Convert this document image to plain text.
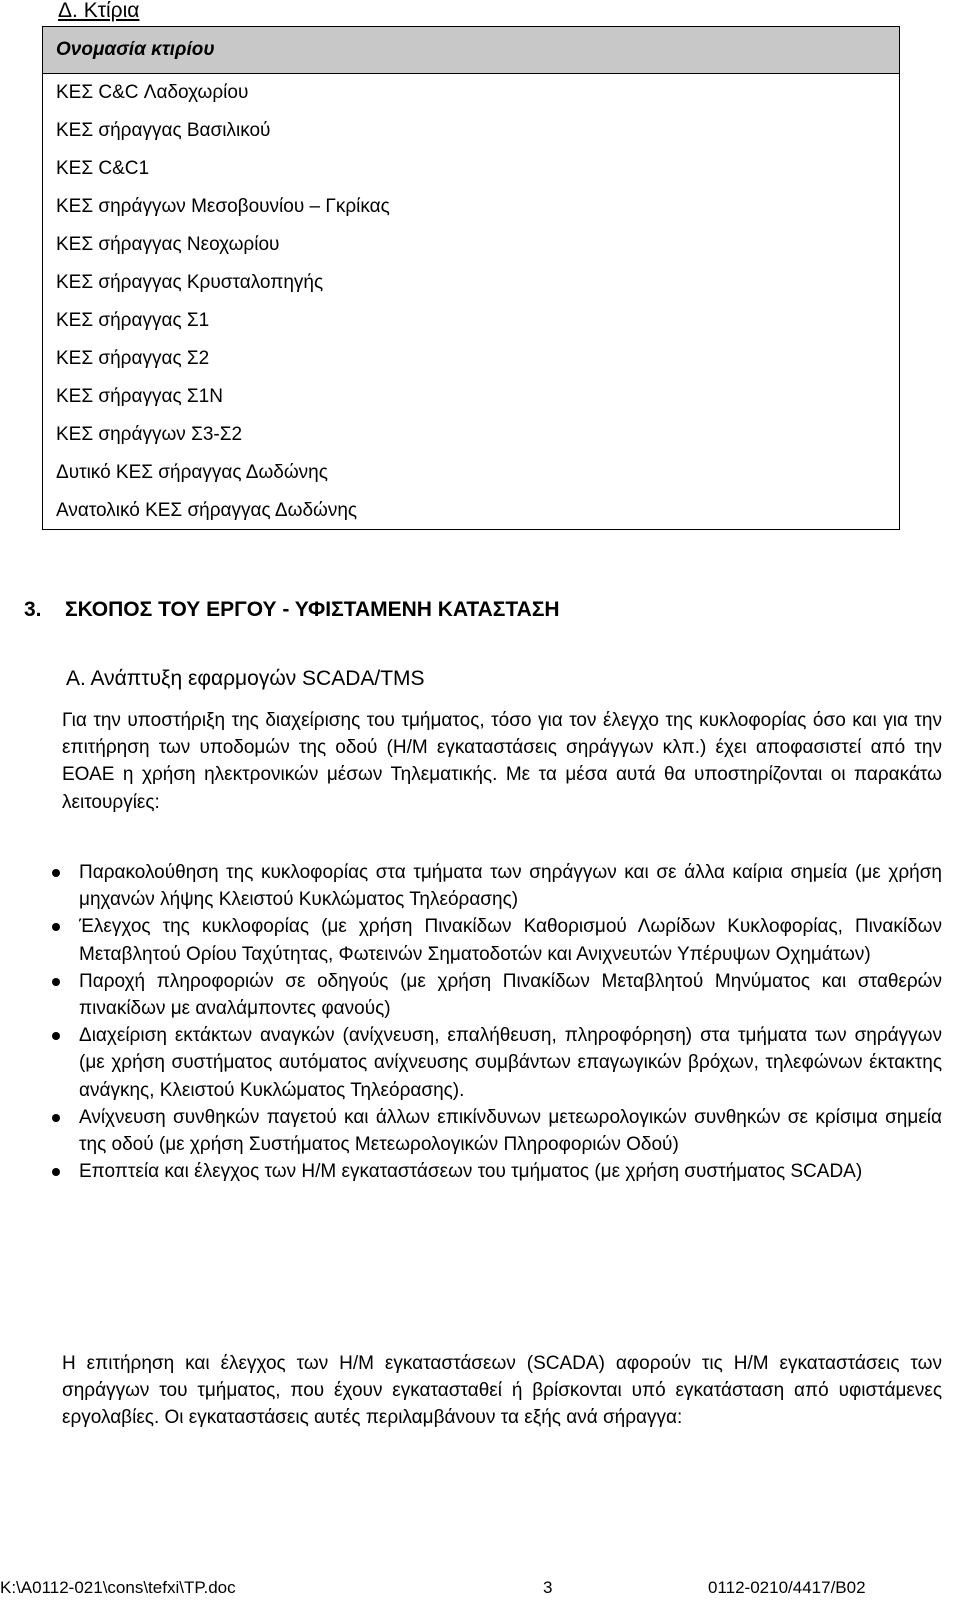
Δ. Κτίρια
Ονομασία κτιρίου
ΚΕΣ C&C Λαδοχωρίου
ΚΕΣ σήραγγας Βασιλικού
ΚΕΣ C&C1
ΚΕΣ σηράγγων Μεσοβουνίου – Γκρίκας
ΚΕΣ σήραγγας Νεοχωρίου
ΚΕΣ σήραγγας Κρυσταλοπηγής
ΚΕΣ σήραγγας Σ1
ΚΕΣ σήραγγας Σ2
ΚΕΣ σήραγγας Σ1Ν
ΚΕΣ σηράγγων Σ3-Σ2
Δυτικό ΚΕΣ σήραγγας Δωδώνης
Ανατολικό ΚΕΣ σήραγγας Δωδώνης
3. ΣΚΟΠΟΣ ΤΟΥ ΕΡΓΟΥ - ΥΦΙΣΤΑΜΕΝΗ ΚΑΤΑΣΤΑΣΗ
Α. Ανάπτυξη εφαρμογών SCADA/TMS

Για την υποστήριξη της διαχείρισης του τμήματος, τόσο για τον έλεγχο της κυκλοφορίας όσο και για την επιτήρηση των υποδομών της οδού (Η/Μ εγκαταστάσεις σηράγγων κλπ.) έχει αποφασιστεί από την ΕΟΑΕ η χρήση ηλεκτρονικών μέσων Τηλεματικής. Με τα μέσα αυτά θα υποστηρίζονται οι παρακάτω λειτουργίες:

Παρακολούθηση της κυκλοφορίας στα τμήματα των σηράγγων και σε άλλα καίρια σημεία (με χρήση μηχανών λήψης Κλειστού Κυκλώματος Τηλεόρασης)
Έλεγχος της κυκλοφορίας (με χρήση Πινακίδων Καθορισμού Λωρίδων Κυκλοφορίας, Πινακίδων Μεταβλητού Ορίου Ταχύτητας, Φωτεινών Σηματοδοτών και Ανιχνευτών Υπέρυψων Οχημάτων)
Παροχή πληροφοριών σε οδηγούς (με χρήση Πινακίδων Μεταβλητού Μηνύματος και σταθερών πινακίδων με αναλάμποντες φανούς)
Διαχείριση εκτάκτων αναγκών (ανίχνευση, επαλήθευση, πληροφόρηση) στα τμήματα των σηράγγων (με χρήση συστήματος αυτόματος ανίχνευσης συμβάντων επαγωγικών βρόχων, τηλεφώνων έκτακτης ανάγκης, Κλειστού Κυκλώματος Τηλεόρασης).
Ανίχνευση συνθηκών παγετού και άλλων επικίνδυνων μετεωρολογικών συνθηκών σε κρίσιμα σημεία της οδού (με χρήση Συστήματος Μετεωρολογικών Πληροφοριών Οδού)
Εποπτεία και έλεγχος των Η/Μ εγκαταστάσεων του τμήματος (με χρήση συστήματος SCADA)

Η επιτήρηση και έλεγχος των Η/Μ εγκαταστάσεων (SCADA) αφορούν τις Η/Μ εγκαταστάσεις των σηράγγων του τμήματος, που έχουν εγκατασταθεί ή βρίσκονται υπό εγκατάσταση από υφιστάμενες εργολαβίες. Οι εγκαταστάσεις αυτές περιλαμβάνουν τα εξής ανά σήραγγα:

K:\A0112-021\cons\tefxi\TP.doc	3	0112-0210/4417/B02
